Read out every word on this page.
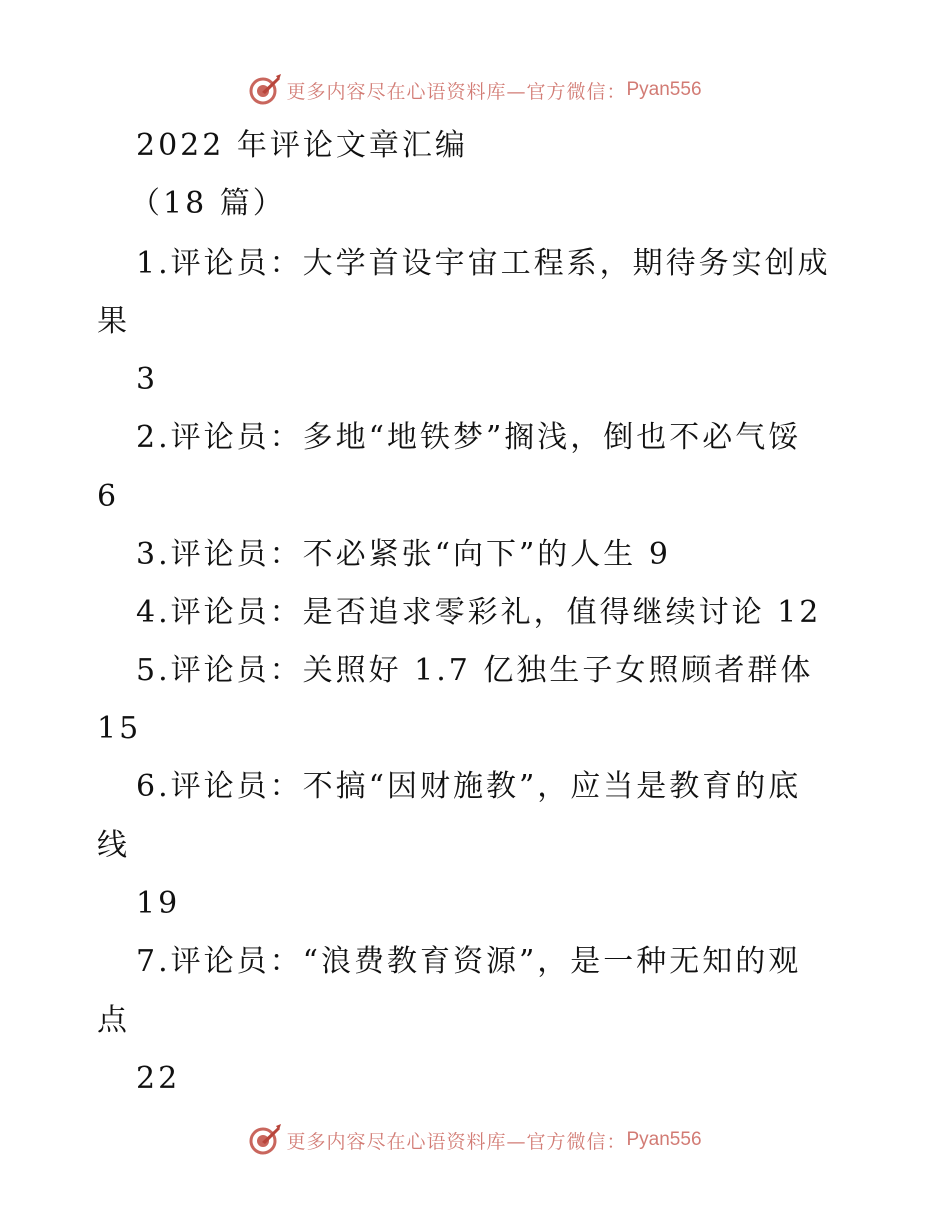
更多内容尽在心语资料库—官方微信： Pyan556
2022 年评论文章汇编
（18 篇）
1.评论员：大学首设宇宙工程系，期待务实创成
果
3
2.评论员：多地“地铁梦”搁浅，倒也不必气馁
6
3.评论员：不必紧张“向下”的人生 9
4.评论员：是否追求零彩礼，值得继续讨论 12
5.评论员：关照好 1.7 亿独生子女照顾者群体
15
6.评论员：不搞“因财施教”，应当是教育的底
线
19
7.评论员：“浪费教育资源”，是一种无知的观
点
22
更多内容尽在心语资料库—官方微信： Pyan556
